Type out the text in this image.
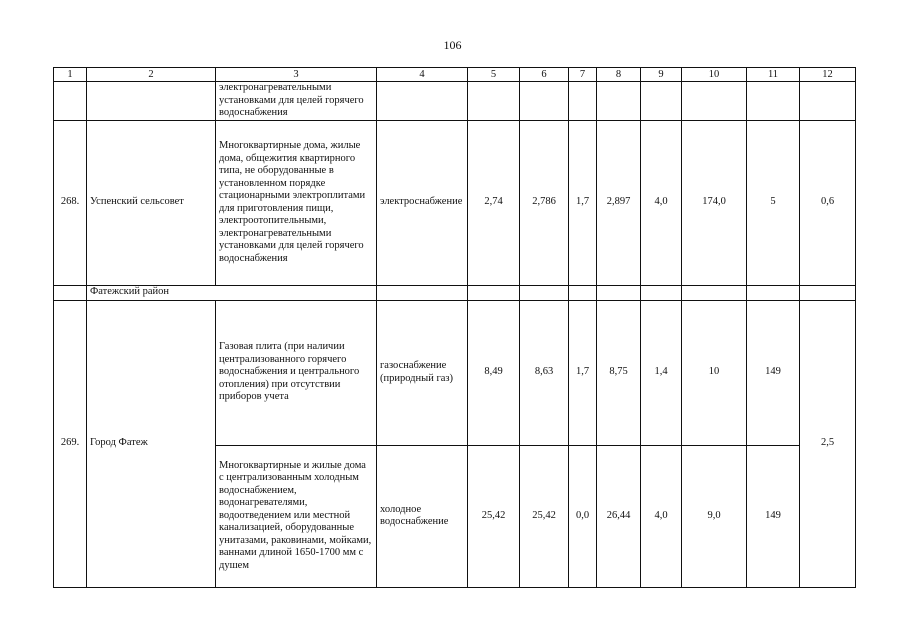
106
1	2	3	4	5	6	7	8	9	10	11	12
		электронагревательными установками для целей горячего водоснабжения									
268.	Успенский сельсовет	Многоквартирные дома, жилые дома, общежития квартирного типа, не оборудованные в установленном порядке стационарными электроплитами для приготовления пищи, электроотопительными, электронагревательными установками для целей горячего водоснабжения	электроснабжение	2,74	2,786	1,7	2,897	4,0	174,0	5	0,6
	Фатежский район										
269.	Город Фатеж	Газовая плита (при наличии централизованного горячего водоснабжения и центрального отопления) при отсутствии приборов учета	газоснабжение (природный газ)	8,49	8,63	1,7	8,75	1,4	10	149	2,5
		Многоквартирные и жилые дома с централизованным холодным водоснабжением, водонагревателями, водоотведением или местной канализацией, оборудованные унитазами, раковинами, мойками, ваннами длиной 1650-1700 мм с душем	холодное водоснабжение	25,42	25,42	0,0	26,44	4,0	9,0	149	
